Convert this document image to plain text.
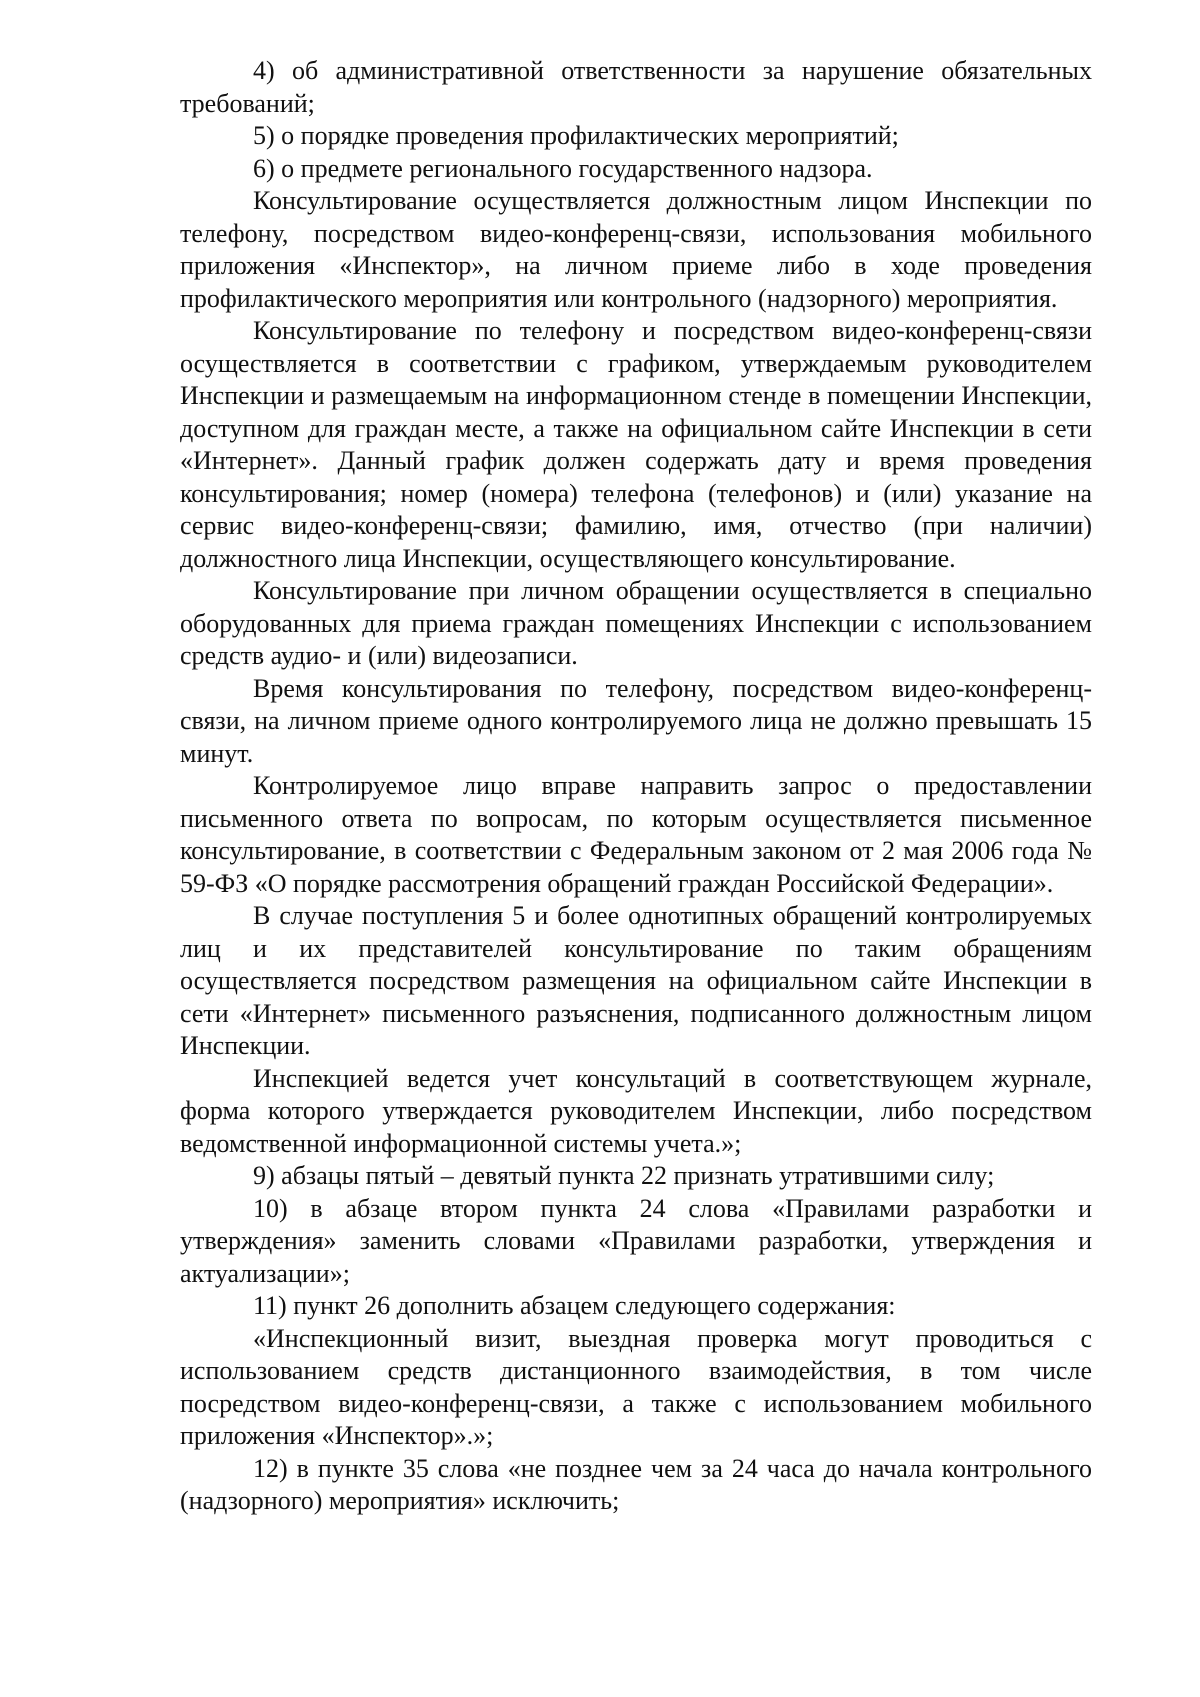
4) об административной ответственности за нарушение обязательных требований;

5) о порядке проведения профилактических мероприятий;

6) о предмете регионального государственного надзора.

Консультирование осуществляется должностным лицом Инспекции по телефону, посредством видео-конференц-связи, использования мобильного приложения «Инспектор», на личном приеме либо в ходе проведения профилактического мероприятия или контрольного (надзорного) мероприятия.

Консультирование по телефону и посредством видео-конференц-связи осуществляется в соответствии с графиком, утверждаемым руководителем Инспекции и размещаемым на информационном стенде в помещении Инспекции, доступном для граждан месте, а также на официальном сайте Инспекции в сети «Интернет». Данный график должен содержать дату и время проведения консультирования; номер (номера) телефона (телефонов) и (или) указание на сервис видео-конференц-связи; фамилию, имя, отчество (при наличии) должностного лица Инспекции, осуществляющего консультирование.

Консультирование при личном обращении осуществляется в специально оборудованных для приема граждан помещениях Инспекции с использованием средств аудио- и (или) видеозаписи.

Время консультирования по телефону, посредством видео-конференц-связи, на личном приеме одного контролируемого лица не должно превышать 15 минут.

Контролируемое лицо вправе направить запрос о предоставлении письменного ответа по вопросам, по которым осуществляется письменное консультирование, в соответствии с Федеральным законом от 2 мая 2006 года № 59-ФЗ «О порядке рассмотрения обращений граждан Российской Федерации».

В случае поступления 5 и более однотипных обращений контролируемых лиц и их представителей консультирование по таким обращениям осуществляется посредством размещения на официальном сайте Инспекции в сети «Интернет» письменного разъяснения, подписанного должностным лицом Инспекции.

Инспекцией ведется учет консультаций в соответствующем журнале, форма которого утверждается руководителем Инспекции, либо посредством ведомственной информационной системы учета.»;

9) абзацы пятый – девятый пункта 22 признать утратившими силу;

10) в абзаце втором пункта 24 слова «Правилами разработки и утверждения» заменить словами «Правилами разработки, утверждения и актуализации»;

11) пункт 26 дополнить абзацем следующего содержания:

«Инспекционный визит, выездная проверка могут проводиться с использованием средств дистанционного взаимодействия, в том числе посредством видео-конференц-связи, а также с использованием мобильного приложения «Инспектор».»;

12) в пункте 35 слова «не позднее чем за 24 часа до начала контрольного (надзорного) мероприятия» исключить;
